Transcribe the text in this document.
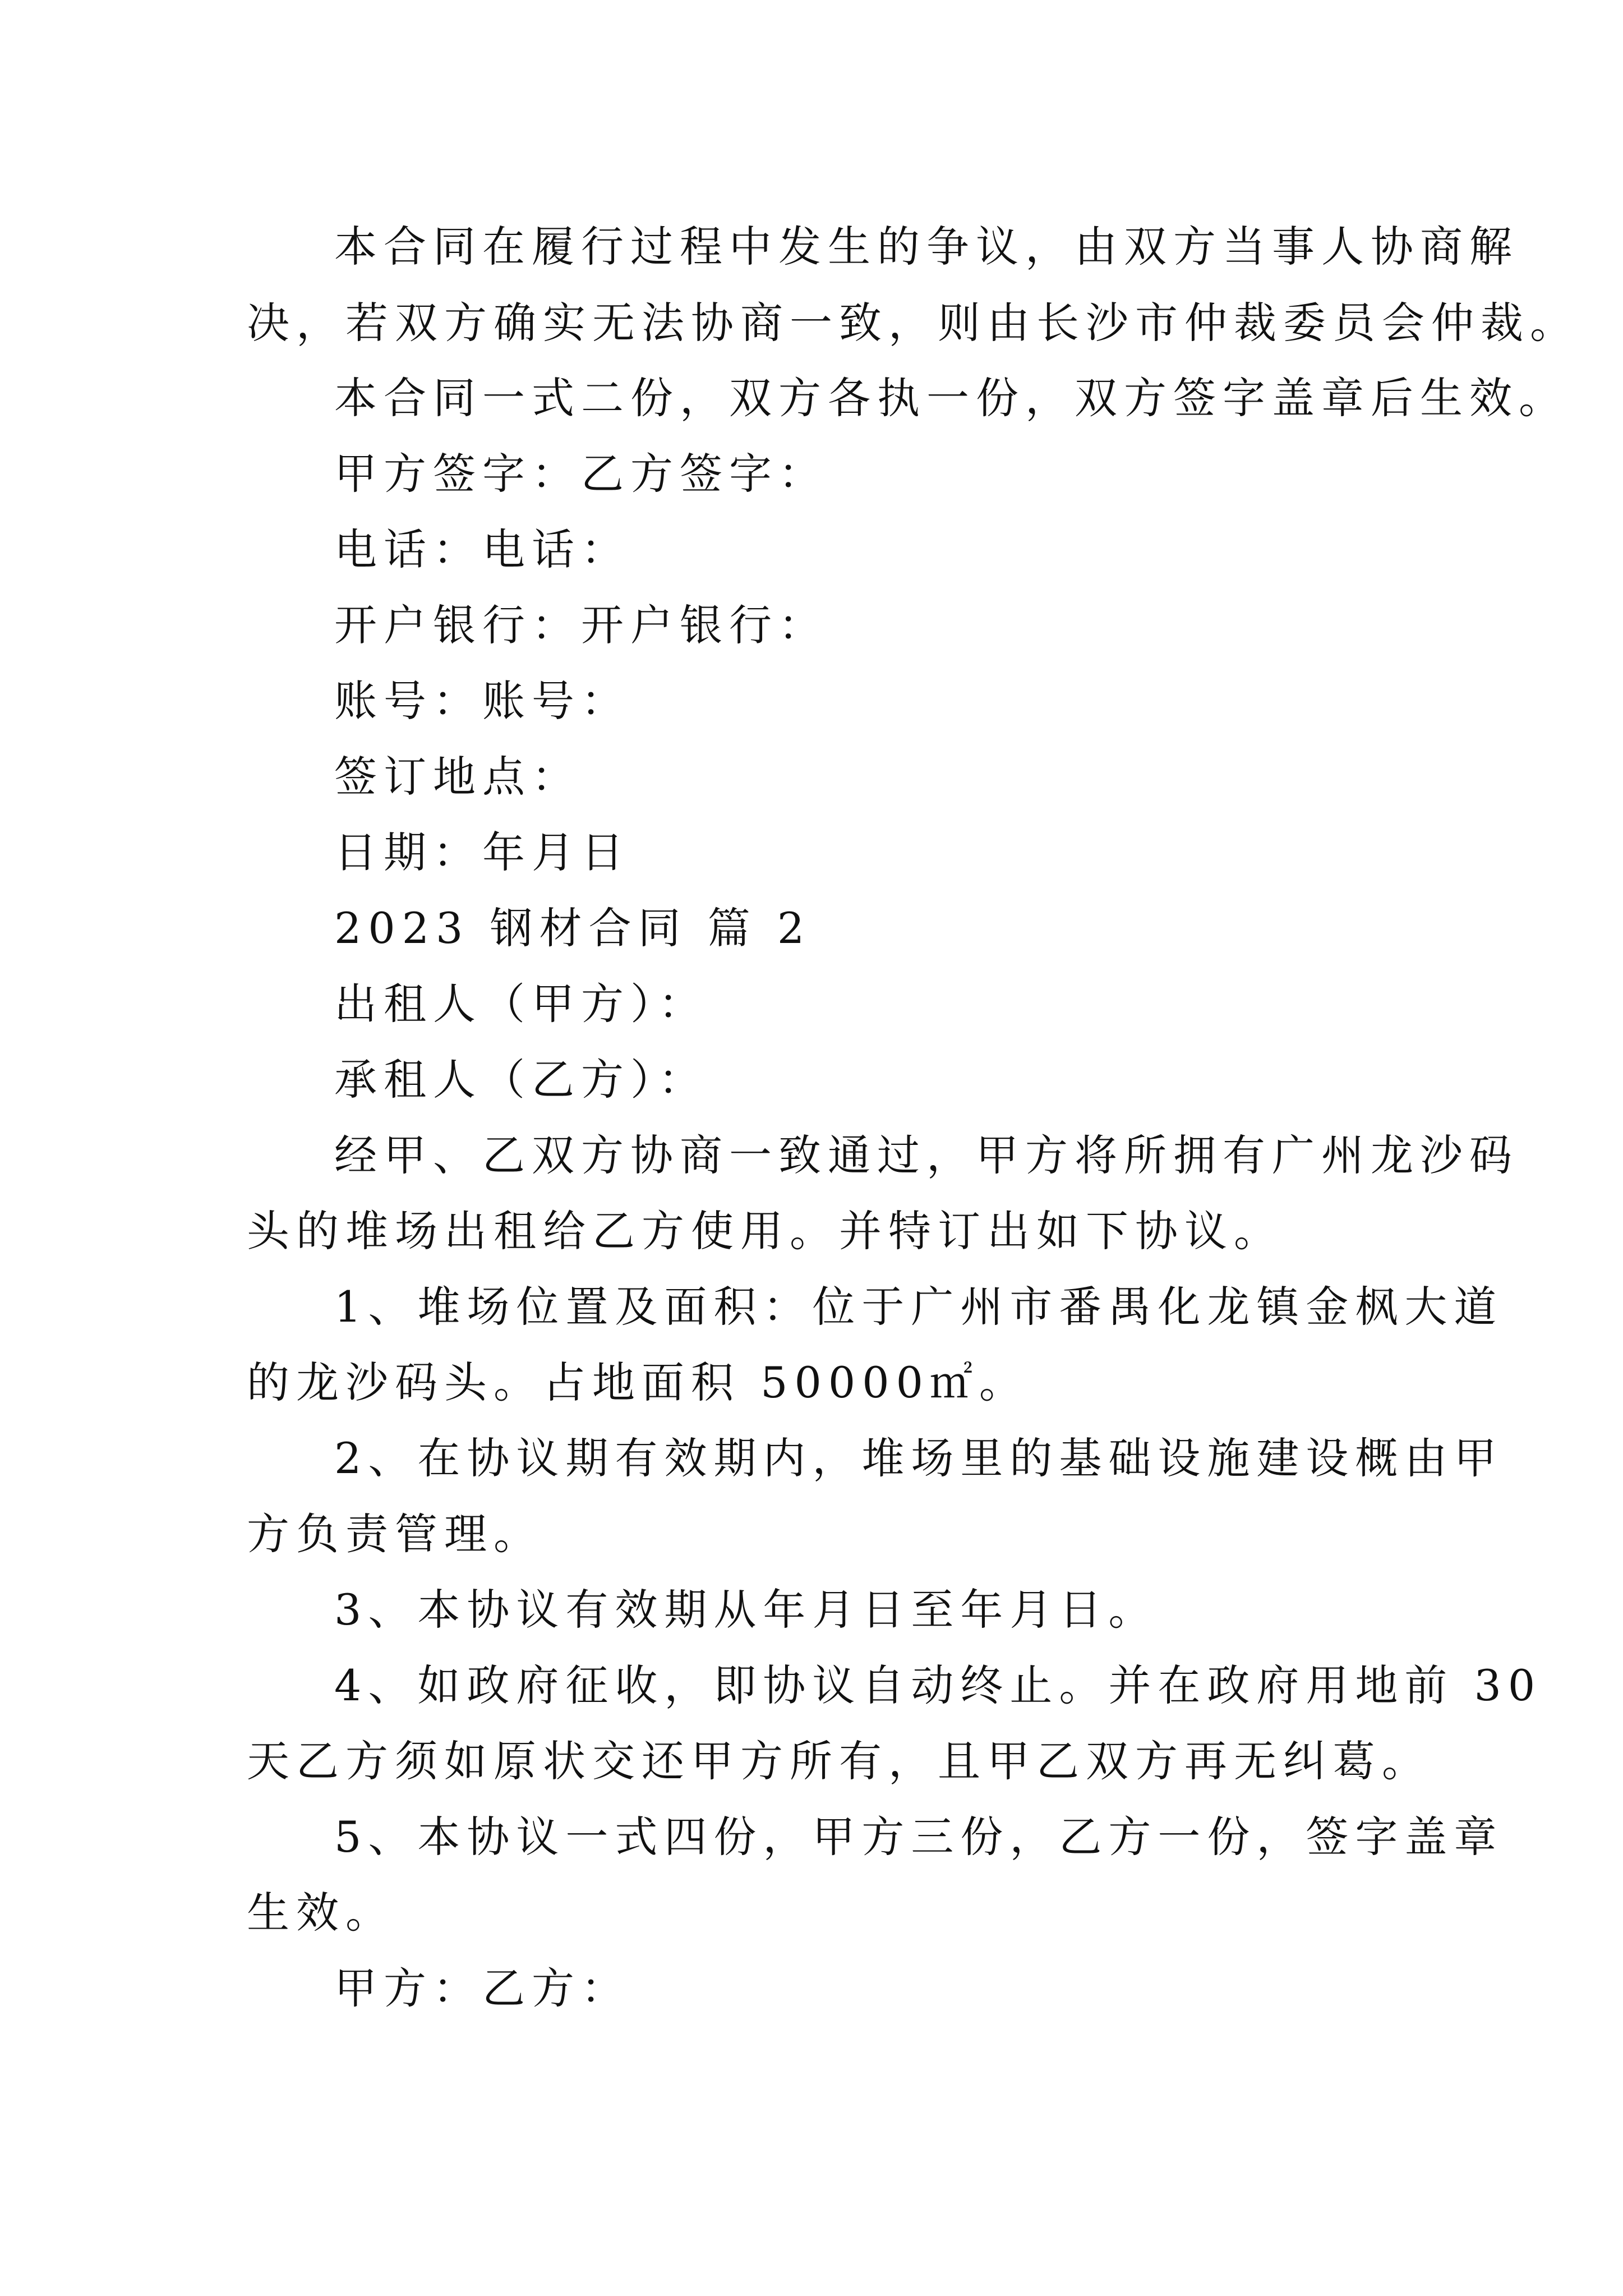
本合同在履行过程中发生的争议，由双方当事人协商解
决，若双方确实无法协商一致，则由长沙市仲裁委员会仲裁。
本合同一式二份，双方各执一份，双方签字盖章后生效。
甲方签字：乙方签字：
电话：电话：
开户银行：开户银行：
账号：账号：
签订地点：
日期：年月日
2023 钢材合同 篇 2
出租人（甲方）：
承租人（乙方）：
经甲、乙双方协商一致通过，甲方将所拥有广州龙沙码
头的堆场出租给乙方使用。并特订出如下协议。
1、堆场位置及面积：位于广州市番禺化龙镇金枫大道
的龙沙码头。占地面积 50000㎡。
2、在协议期有效期内，堆场里的基础设施建设概由甲
方负责管理。
3、本协议有效期从年月日至年月日。
4、如政府征收，即协议自动终止。并在政府用地前 30
天乙方须如原状交还甲方所有，且甲乙双方再无纠葛。
5、本协议一式四份，甲方三份，乙方一份，签字盖章
生效。
甲方：乙方：
